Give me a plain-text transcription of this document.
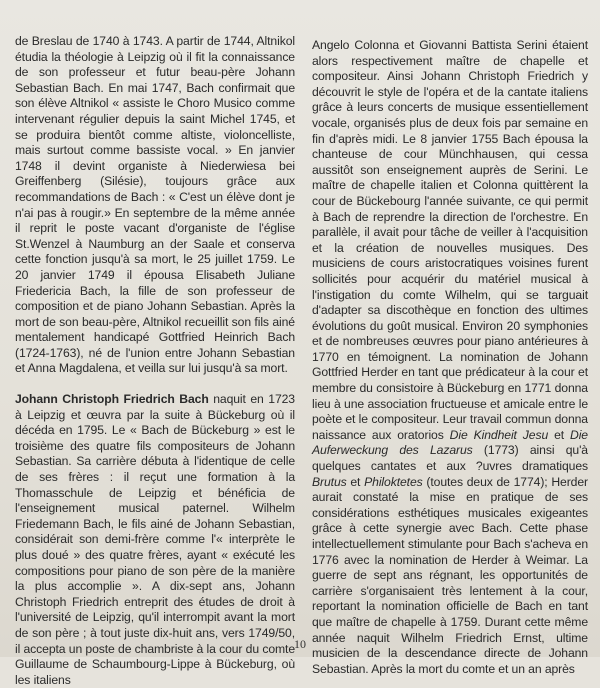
de Breslau de 1740 à 1743. A partir de 1744, Altnikol étudia la théologie à Leipzig où il fit la connaissance de son professeur et futur beau-père Johann Sebastian Bach. En mai 1747, Bach confirmait que son élève Altnikol « assiste le Choro Musico comme intervenant régulier depuis la saint Michel 1745, et se produira bientôt comme altiste, violoncelliste, mais surtout comme bassiste vocal. » En janvier 1748 il devint organiste à Niederwiesa bei Greiffenberg (Silésie), toujours grâce aux recommandations de Bach : « C'est un élève dont je n'ai pas à rougir.» En septembre de la même année il reprit le poste vacant d'organiste de l'église St.Wenzel à Naumburg an der Saale et conserva cette fonction jusqu'à sa mort, le 25 juillet 1759. Le 20 janvier 1749 il épousa Elisabeth Juliane Friedericia Bach, la fille de son professeur de composition et de piano Johann Sebastian. Après la mort de son beau-père, Altnikol recueillit son fils ainé mentalement handicapé Gottfried Heinrich Bach (1724-1763), né de l'union entre Johann Sebastian et Anna Magdalena, et veilla sur lui jusqu'à sa mort.

Johann Christoph Friedrich Bach naquit en 1723 à Leipzig et œuvra par la suite à Bückeburg où il décéda en 1795. Le « Bach de Bückeburg » est le troisième des quatre fils compositeurs de Johann Sebastian. Sa carrière débuta à l'identique de celle de ses frères : il reçut une formation à la Thomasschule de Leipzig et bénéficia de l'enseignement musical paternel. Wilhelm Friedemann Bach, le fils ainé de Johann Sebastian, considérait son demi-frère comme l'« interprète le plus doué » des quatre frères, ayant « exécuté les compositions pour piano de son père de la manière la plus accomplie ». A dix-sept ans, Johann Christoph Friedrich entreprit des études de droit à l'université de Leipzig, qu'il interrompit avant la mort de son père ; à tout juste dix-huit ans, vers 1749/50, il accepta un poste de chambriste à la cour du comte Guillaume de Schaumbourg-Lippe à Bückeburg, où les italiens

Angelo Colonna et Giovanni Battista Serini étaient alors respectivement maître de chapelle et compositeur. Ainsi Johann Christoph Friedrich y découvrit le style de l'opéra et de la cantate italiens grâce à leurs concerts de musique essentiellement vocale, organisés plus de deux fois par semaine en fin d'après midi. Le 8 janvier 1755 Bach épousa la chanteuse de cour Münchhausen, qui cessa aussitôt son enseignement auprès de Serini. Le maître de chapelle italien et Colonna quittèrent la cour de Bückebourg l'année suivante, ce qui permit à Bach de reprendre la direction de l'orchestre. En parallèle, il avait pour tâche de veiller à l'acquisition et la création de nouvelles musiques. Des musiciens de cours aristocratiques voisines furent sollicités pour acquérir du matériel musical à l'instigation du comte Wilhelm, qui se targuait d'adapter sa discothèque en fonction des ultimes évolutions du goût musical. Environ 20 symphonies et de nombreuses œuvres pour piano antérieures à 1770 en témoignent. La nomination de Johann Gottfried Herder en tant que prédicateur à la cour et membre du consistoire à Bückeburg en 1771 donna lieu à une association fructueuse et amicale entre le poète et le compositeur. Leur travail commun donna naissance aux oratorios Die Kindheit Jesu et Die Auferweckung des Lazarus (1773) ainsi qu'à quelques cantates et aux ?uvres dramatiques Brutus et Philoktetes (toutes deux de 1774); Herder aurait constaté la mise en pratique de ses considérations esthétiques musicales exigeantes grâce à cette synergie avec Bach. Cette phase intellectuellement stimulante pour Bach s'acheva en 1776 avec la nomination de Herder à Weimar. La guerre de sept ans régnant, les opportunités de carrière s'organisaient très lentement à la cour, reportant la nomination officielle de Bach en tant que maître de chapelle à 1759. Durant cette même année naquit Wilhelm Friedrich Ernst, ultime musicien de la descendance directe de Johann Sebastian. Après la mort du comte et un an après

10
